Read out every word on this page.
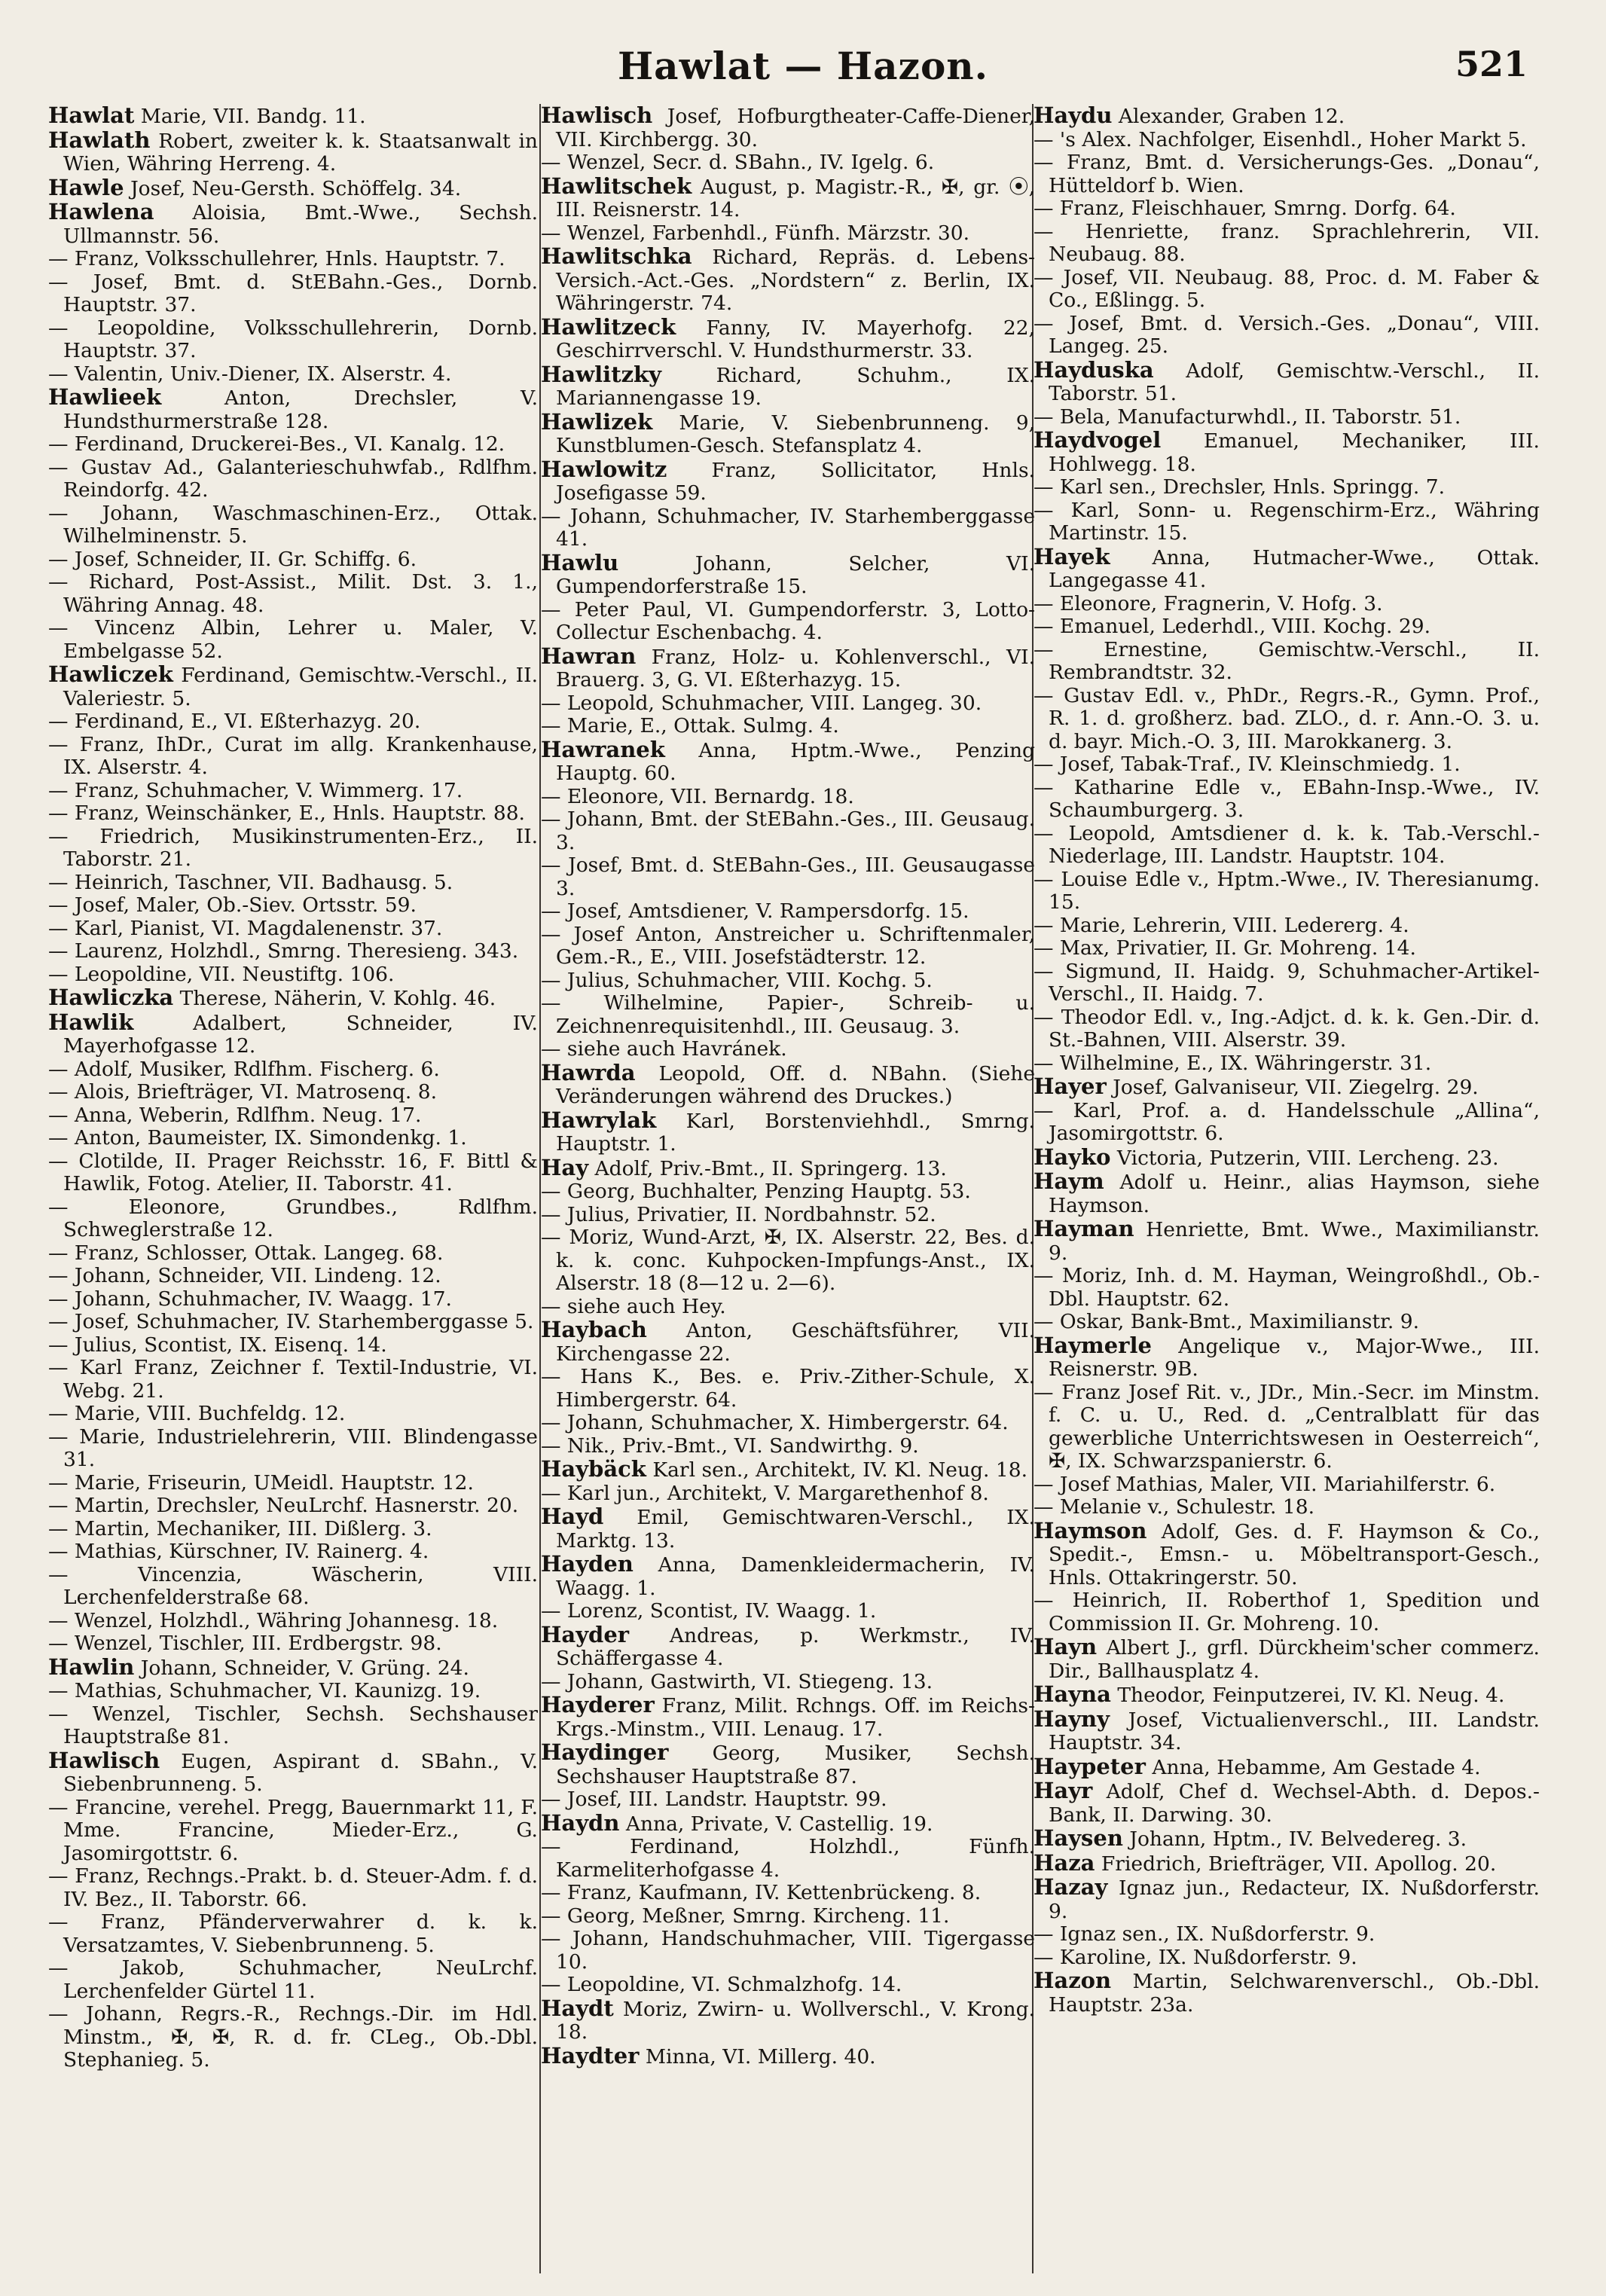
Hawlat — Hazon.	521

Hawlat Marie, VII. Bandg. 11.

Hawlath Robert, zweiter k. k. Staatsanwalt in Wien, Währing Herreng. 4.

Hawle Josef, Neu-Gersth. Schöffelg. 34.

Hawlena Aloisia, Bmt.-Wwe., Sechsh. Ullmannstr. 56.

— Franz, Volksschullehrer, Hnls. Hauptstr. 7.

— Josef, Bmt. d. StEBahn.-Ges., Dornb. Hauptstr. 37.

— Leopoldine, Volksschullehrerin, Dornb. Hauptstr. 37.

— Valentin, Univ.-Diener, IX. Alserstr. 4.

Hawlieek	Anton, Drechsler, V. Hundsthurmerstraße 128.

— Ferdinand, Druckerei-Bes., VI. Kanalg. 12.

— Gustav Ad., Galanterieschuhwfab., Rdlfhm. Reindorfg. 42.

— Johann, Waschmaschinen-Erz., Ottak. Wilhelminenstr. 5.

— Josef, Schneider, II. Gr. Schiffg. 6.

— Richard, Post-Assist., Milit. Dst. 3. 1., Währing Annag. 48.

— Vincenz Albin, Lehrer u. Maler, V. Embelgasse 52.

Hawliczek Ferdinand, Gemischtw.-Verschl., II. Valeriestr. 5.

— Ferdinand, E., VI. Eßterhazyg. 20.

— Franz, IhDr., Curat im allg. Krankenhause, IX. Alserstr. 4.

— Franz, Schuhmacher, V. Wimmerg. 17.

— Franz, Weinschänker, E., Hnls. Hauptstr. 88.

— Friedrich, Musikinstrumenten-Erz., II. Taborstr. 21.

— Heinrich, Taschner, VII. Badhausg. 5.

— Josef, Maler, Ob.-Siev. Ortsstr. 59.

— Karl, Pianist, VI. Magdalenenstr. 37.

— Laurenz, Holzhdl., Smrng. Theresieng. 343.

— Leopoldine, VII. Neustiftg. 106.

Hawliczka Therese, Näherin, V. Kohlg. 46.

Hawlik	Adalbert, Schneider, IV. Mayerhofgasse 12.

— Adolf, Musiker, Rdlfhm. Fischerg. 6.

— Alois, Briefträger, VI. Matrosenq. 8.

— Anna, Weberin, Rdlfhm. Neug. 17.

— Anton, Baumeister, IX. Simondenkg. 1.

— Clotilde, II. Prager Reichsstr. 16, F. Bittl & Hawlik, Fotog. Atelier, II. Taborstr. 41.

— Eleonore, Grundbes., Rdlfhm. Schweglerstraße 12.

— Franz, Schlosser, Ottak. Langeg. 68.

— Johann, Schneider, VII. Lindeng. 12.

— Johann, Schuhmacher, IV. Waagg. 17.

— Josef, Schuhmacher, IV. Starhemberggasse 5.

— Julius, Scontist, IX. Eisenq. 14.

— Karl Franz, Zeichner f. Textil-Industrie, VI. Webg. 21.

— Marie, VIII. Buchfeldg. 12.

— Marie, Industrielehrerin, VIII. Blindengasse 31.

— Marie, Friseurin, UMeidl. Hauptstr. 12.

— Martin, Drechsler, NeuLrchf. Hasnerstr. 20.

— Martin, Mechaniker, III. Dißlerg. 3.

— Mathias, Kürschner, IV. Rainerg. 4.

— Vincenzia, Wäscherin, VIII. Lerchenfelderstraße 68.

— Wenzel, Holzhdl., Währing Johannesg. 18.

— Wenzel, Tischler, III. Erdbergstr. 98.

Hawlin Johann, Schneider, V. Grüng. 24.

— Mathias, Schuhmacher, VI. Kaunizg. 19.

— Wenzel, Tischler, Sechsh. Sechshauser Hauptstraße 81.

Hawlisch Eugen, Aspirant d. SBahn., V. Siebenbrunneng. 5.

— Francine, verehel. Pregg, Bauernmarkt 11, F. Mme. Francine, Mieder-Erz., G. Jasomirgottstr. 6.

— Franz, Rechngs.-Prakt. b. d. Steuer-Adm. f. d. IV. Bez., II. Taborstr. 66.

— Franz, Pfänderverwahrer d. k. k. Versatzamtes, V. Siebenbrunneng. 5.

— Jakob, Schuhmacher, NeuLrchf. Lerchenfelder Gürtel 11.

— Johann, Regrs.-R., Rechngs.-Dir. im Hdl. Minstm., ✠, ✠, R. d. fr. CLeg., Ob.-Dbl. Stephanieg. 5.

Hawlisch Josef, Hofburgtheater-Caffe-Diener, VII. Kirchbergg. 30.

— Wenzel, Secr. d. SBahn., IV. Igelg. 6.

Hawlitschek August, p. Magistr.-R., ✠, gr. ⦿, III. Reisnerstr. 14.

— Wenzel, Farbenhdl., Fünfh. Märzstr. 30.

Hawlitschka Richard, Repräs. d. Lebens-Versich.-Act.-Ges. „Nordstern“ z. Berlin, IX. Währingerstr. 74.

Hawlitzeck Fanny, IV. Mayerhofg. 22, Geschirrverschl. V. Hundsthurmerstr. 33.

Hawlitzky	Richard, Schuhm., IX. Mariannengasse 19.

Hawlizek Marie, V. Siebenbrunneng. 9, Kunstblumen-Gesch. Stefansplatz 4.

Hawlowitz Franz, Sollicitator, Hnls. Josefigasse 59.

— Johann, Schuhmacher, IV. Starhemberggasse 41.

Hawlu	Johann, Selcher, VI. Gumpendorferstraße 15.

— Peter Paul, VI. Gumpendorferstr. 3, Lotto-Collectur Eschenbachg. 4.

Hawran Franz, Holz- u. Kohlenverschl., VI. Brauerg. 3, G. VI. Eßterhazyg. 15.

— Leopold, Schuhmacher, VIII. Langeg. 30.

— Marie, E., Ottak. Sulmg. 4.

Hawranek Anna, Hptm.-Wwe., Penzing Hauptg. 60.

— Eleonore, VII. Bernardg. 18.

— Johann, Bmt. der StEBahn.-Ges., III. Geusaug. 3.

— Josef, Bmt. d. StEBahn-Ges., III. Geusaugasse 3.

— Josef, Amtsdiener, V. Rampersdorfg. 15.

— Josef Anton, Anstreicher u. Schriftenmaler, Gem.-R., E., VIII. Josefstädterstr. 12.

— Julius, Schuhmacher, VIII. Kochg. 5.

— Wilhelmine, Papier-, Schreib- u. Zeichnenrequisitenhdl., III. Geusaug. 3.

— siehe auch Havránek.

Hawrda Leopold, Off. d. NBahn. (Siehe Veränderungen während des Druckes.)

Hawrylak Karl, Borstenviehhdl., Smrng. Hauptstr. 1.

Hay Adolf, Priv.-Bmt., II. Springerg. 13.

— Georg, Buchhalter, Penzing Hauptg. 53.

— Julius, Privatier, II. Nordbahnstr. 52.

— Moriz, Wund-Arzt, ✠, IX. Alserstr. 22, Bes. d. k. k. conc. Kuhpocken-Impfungs-Anst., IX. Alserstr. 18 (8—12 u. 2—6).

— siehe auch Hey.

Haybach Anton, Geschäftsführer, VII. Kirchengasse 22.

— Hans K., Bes. e. Priv.-Zither-Schule, X. Himbergerstr. 64.

— Johann, Schuhmacher, X. Himbergerstr. 64.

— Nik., Priv.-Bmt., VI. Sandwirthg. 9.

Haybäck Karl sen., Architekt, IV. Kl. Neug. 18.

— Karl jun., Architekt, V. Margarethenhof 8.

Hayd Emil, Gemischtwaren-Verschl., IX. Marktg. 13.

Hayden Anna, Damenkleidermacherin, IV. Waagg. 1.

— Lorenz, Scontist, IV. Waagg. 1.

Hayder Andreas, p. Werkmstr., IV. Schäffergasse 4.

— Johann, Gastwirth, VI. Stiegeng. 13.

Hayderer Franz, Milit. Rchngs. Off. im Reichs-Krgs.-Minstm., VIII. Lenaug. 17.

Haydinger Georg, Musiker, Sechsh. Sechshauser Hauptstraße 87.

— Josef, III. Landstr. Hauptstr. 99.

Haydn Anna, Private, V. Castellig. 19.

— Ferdinand, Holzhdl., Fünfh. Karmeliterhofgasse 4.

— Franz, Kaufmann, IV. Kettenbrückeng. 8.

— Georg, Meßner, Smrng. Kircheng. 11.

— Johann, Handschuhmacher, VIII. Tigergasse 10.

— Leopoldine, VI. Schmalzhofg. 14.

Haydt Moriz, Zwirn- u. Wollverschl., V. Krong. 18.

Haydter Minna, VI. Millerg. 40.

Haydu Alexander, Graben 12.

— 's Alex. Nachfolger, Eisenhdl., Hoher Markt 5.

— Franz, Bmt. d. Versicherungs-Ges. „Donau“, Hütteldorf b. Wien.

— Franz, Fleischhauer, Smrng. Dorfg. 64.

— Henriette, franz. Sprachlehrerin, VII. Neubaug. 88.

— Josef, VII. Neubaug. 88, Proc. d. M. Faber & Co., Eßlingg. 5.

— Josef, Bmt. d. Versich.-Ges. „Donau“, VIII. Langeg. 25.

Hayduska Adolf, Gemischtw.-Verschl., II. Taborstr. 51.

— Bela, Manufacturwhdl., II. Taborstr. 51.

Haydvogel Emanuel, Mechaniker, III. Hohlwegg. 18.

— Karl sen., Drechsler, Hnls. Springg. 7.

— Karl, Sonn- u. Regenschirm-Erz., Währing Martinstr. 15.

Hayek Anna, Hutmacher-Wwe., Ottak. Langegasse 41.

— Eleonore, Fragnerin, V. Hofg. 3.

— Emanuel, Lederhdl., VIII. Kochg. 29.

— Ernestine, Gemischtw.-Verschl., II. Rembrandtstr. 32.

— Gustav Edl. v., PhDr., Regrs.-R., Gymn. Prof., R. 1. d. großherz. bad. ZLO., d. r. Ann.-O. 3. u. d. bayr. Mich.-O. 3, III. Marokkanerg. 3.

— Josef, Tabak-Traf., IV. Kleinschmiedg. 1.

— Katharine Edle v., EBahn-Insp.-Wwe., IV. Schaumburgerg. 3.

— Leopold, Amtsdiener d. k. k. Tab.-Verschl.-Niederlage, III. Landstr. Hauptstr. 104.

— Louise Edle v., Hptm.-Wwe., IV. Theresianumg. 15.

— Marie, Lehrerin, VIII. Ledererg. 4.

— Max, Privatier, II. Gr. Mohreng. 14.

— Sigmund, II. Haidg. 9, Schuhmacher-Artikel-Verschl., II. Haidg. 7.

— Theodor Edl. v., Ing.-Adjct. d. k. k. Gen.-Dir. d. St.-Bahnen, VIII. Alserstr. 39.

— Wilhelmine, E., IX. Währingerstr. 31.

Hayer Josef, Galvaniseur, VII. Ziegelrg. 29.

— Karl, Prof. a. d. Handelsschule „Allina“, Jasomirgottstr. 6.

Hayko Victoria, Putzerin, VIII. Lercheng. 23.

Haym Adolf u. Heinr., alias Haymson, siehe Haymson.

Hayman Henriette, Bmt. Wwe., Maximilianstr. 9.

— Moriz, Inh. d. M. Hayman, Weingroßhdl., Ob.-Dbl. Hauptstr. 62.

— Oskar, Bank-Bmt., Maximilianstr. 9.

Haymerle Angelique v., Major-Wwe., III. Reisnerstr. 9B.

— Franz Josef Rit. v., JDr., Min.-Secr. im Minstm. f. C. u. U., Red. d. „Centralblatt für das gewerbliche Unterrichtswesen in Oesterreich“, ✠, IX. Schwarzspanierstr. 6.

— Josef Mathias, Maler, VII. Mariahilferstr. 6.

— Melanie v., Schulestr. 18.

Haymson Adolf, Ges. d. F. Haymson & Co., Spedit.-, Emsn.- u. Möbeltransport-Gesch., Hnls. Ottakringerstr. 50.

— Heinrich, II. Roberthof 1, Spedition und Commission II. Gr. Mohreng. 10.

Hayn Albert J., grfl. Dürckheim'scher commerz. Dir., Ballhausplatz 4.

Hayna Theodor, Feinputzerei, IV. Kl. Neug. 4.

Hayny Josef, Victualienverschl., III. Landstr. Hauptstr. 34.

Haypeter Anna, Hebamme, Am Gestade 4.

Hayr Adolf, Chef d. Wechsel-Abth. d. Depos.-Bank, II. Darwing. 30.

Haysen Johann, Hptm., IV. Belvedereg. 3.

Haza Friedrich, Briefträger, VII. Apollog. 20.

Hazay Ignaz jun., Redacteur, IX. Nußdorferstr. 9.

— Ignaz sen., IX. Nußdorferstr. 9.

— Karoline, IX. Nußdorferstr. 9.

Hazon Martin, Selchwarenverschl., Ob.-Dbl. Hauptstr. 23a.
